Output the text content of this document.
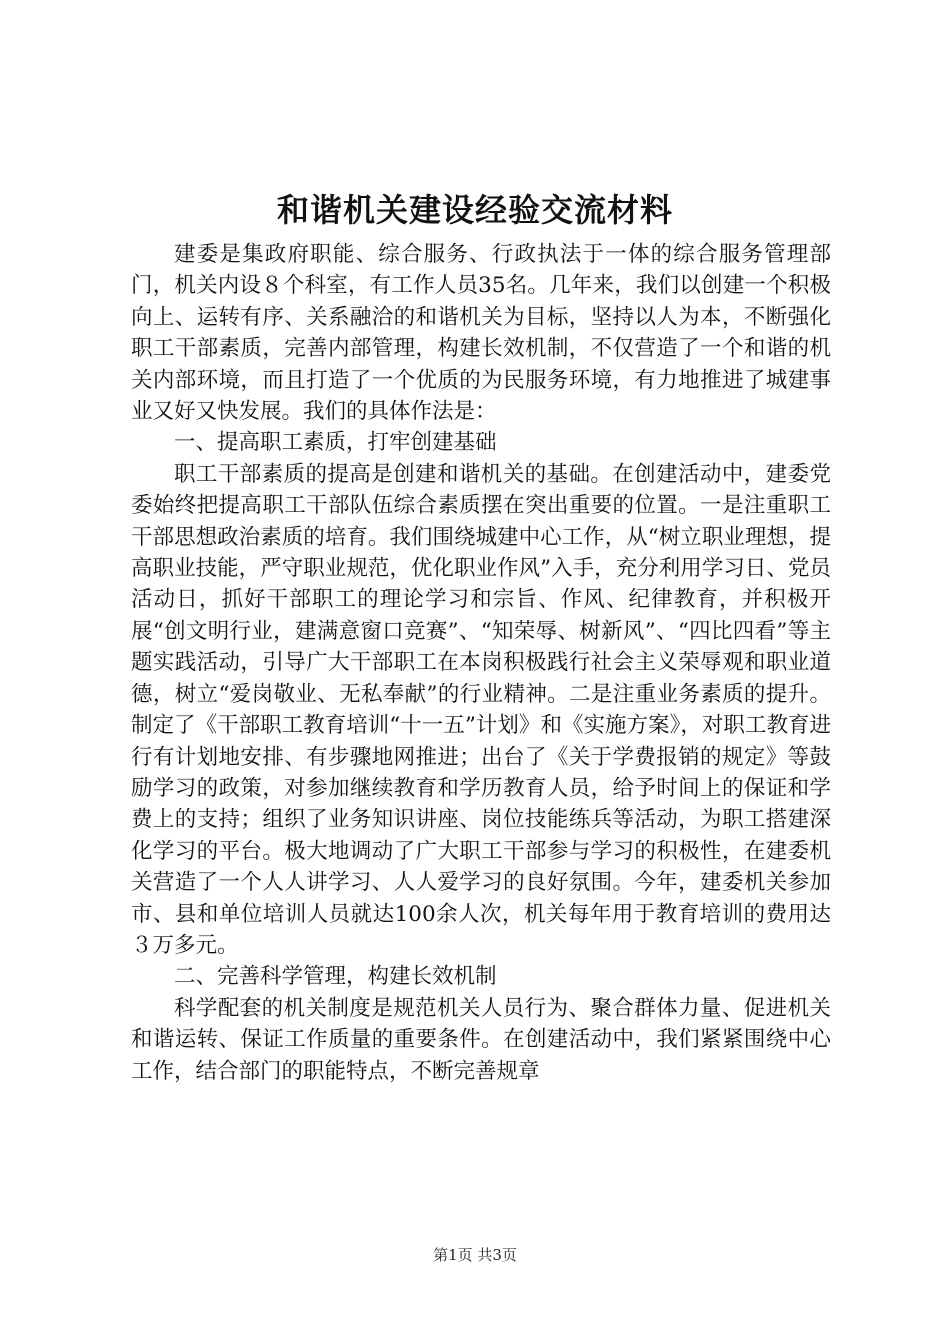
和谐机关建设经验交流材料

建委是集政府职能、综合服务、行政执法于一体的综合服务管理部门，机关内设８个科室，有工作人员35名。几年来，我们以创建一个积极向上、运转有序、关系融洽的和谐机关为目标，坚持以人为本，不断强化职工干部素质，完善内部管理，构建长效机制，不仅营造了一个和谐的机关内部环境，而且打造了一个优质的为民服务环境，有力地推进了城建事业又好又快发展。我们的具体作法是：

一、提高职工素质，打牢创建基础

职工干部素质的提高是创建和谐机关的基础。在创建活动中，建委党委始终把提高职工干部队伍综合素质摆在突出重要的位置。一是注重职工干部思想政治素质的培育。我们围绕城建中心工作，从“树立职业理想，提高职业技能，严守职业规范，优化职业作风”入手，充分利用学习日、党员活动日，抓好干部职工的理论学习和宗旨、作风、纪律教育，并积极开展“创文明行业，建满意窗口竞赛”、“知荣辱、树新风”、“四比四看”等主题实践活动，引导广大干部职工在本岗积极践行社会主义荣辱观和职业道德，树立“爱岗敬业、无私奉献”的行业精神。二是注重业务素质的提升。制定了《干部职工教育培训“十一五”计划》和《实施方案》，对职工教育进行有计划地安排、有步骤地网推进；出台了《关于学费报销的规定》等鼓励学习的政策，对参加继续教育和学历教育人员，给予时间上的保证和学费上的支持；组织了业务知识讲座、岗位技能练兵等活动，为职工搭建深化学习的平台。极大地调动了广大职工干部参与学习的积极性，在建委机关营造了一个人人讲学习、人人爱学习的良好氛围。今年，建委机关参加市、县和单位培训人员就达100余人次，机关每年用于教育培训的费用达３万多元。

二、完善科学管理，构建长效机制

科学配套的机关制度是规范机关人员行为、聚合群体力量、促进机关和谐运转、保证工作质量的重要条件。在创建活动中，我们紧紧围绕中心工作，结合部门的职能特点，不断完善规章

第1页 共3页
